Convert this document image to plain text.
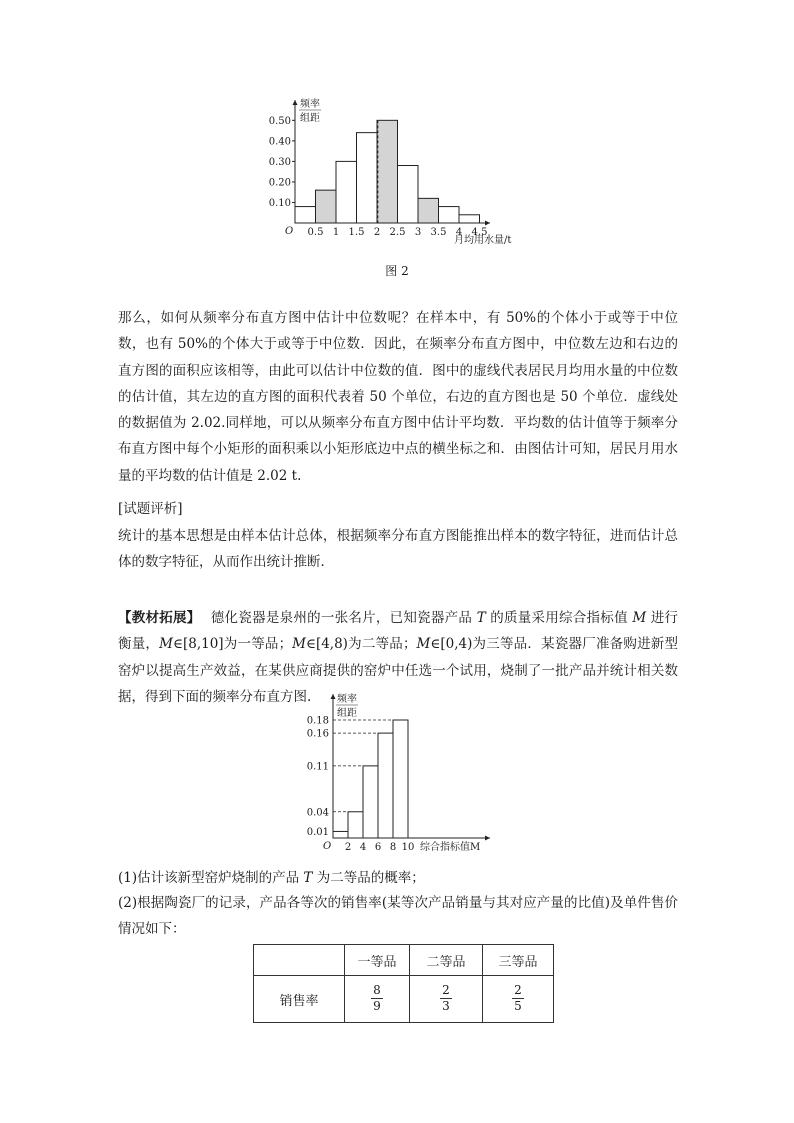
频率
组距
月均用水量/t
O
0.10
0.20
0.30
0.40
0.50
0.5 1 1.5 2 2.5 3 3.5 4 4.5
图 2
那么，如何从频率分布直方图中估计中位数呢？在样本中，有 50%的个体小于或等于中位数，也有 50%的个体大于或等于中位数．因此，在频率分布直方图中，中位数左边和右边的直方图的面积应该相等，由此可以估计中位数的值．图中的虚线代表居民月均用水量的中位数的估计值，其左边的直方图的面积代表着 50 个单位，右边的直方图也是 50 个单位．虚线处的数据值为 2.02.同样地，可以从频率分布直方图中估计平均数．平均数的估计值等于频率分布直方图中每个小矩形的面积乘以小矩形底边中点的横坐标之和．由图估计可知，居民月用水量的平均数的估计值是 2.02 t.
[试题评析]
统计的基本思想是由样本估计总体，根据频率分布直方图能推出样本的数字特征，进而估计总体的数字特征，从而作出统计推断．
【教材拓展】 德化瓷器是泉州的一张名片，已知瓷器产品 T 的质量采用综合指标值 M 进行衡量，M∈[8,10]为一等品；M∈[4,8)为二等品；M∈[0,4)为三等品．某瓷器厂准备购进新型窑炉以提高生产效益，在某供应商提供的窑炉中任选一个试用，烧制了一批产品并统计相关数据，得到下面的频率分布直方图.	频率
组距
综合指标值M
O
0.01
0.04
0.11
0.16
0.18
2 4 6 8 10
(1)估计该新型窑炉烧制的产品 T 为二等品的概率；
(2)根据陶瓷厂的记录，产品各等次的销售率(某等次产品销量与其对应产量的比值)及单件售价情况如下：
	一等品	二等品	三等品
销售率	$\frac{8}{9}$	$\frac{2}{3}$	$\frac{2}{5}$
